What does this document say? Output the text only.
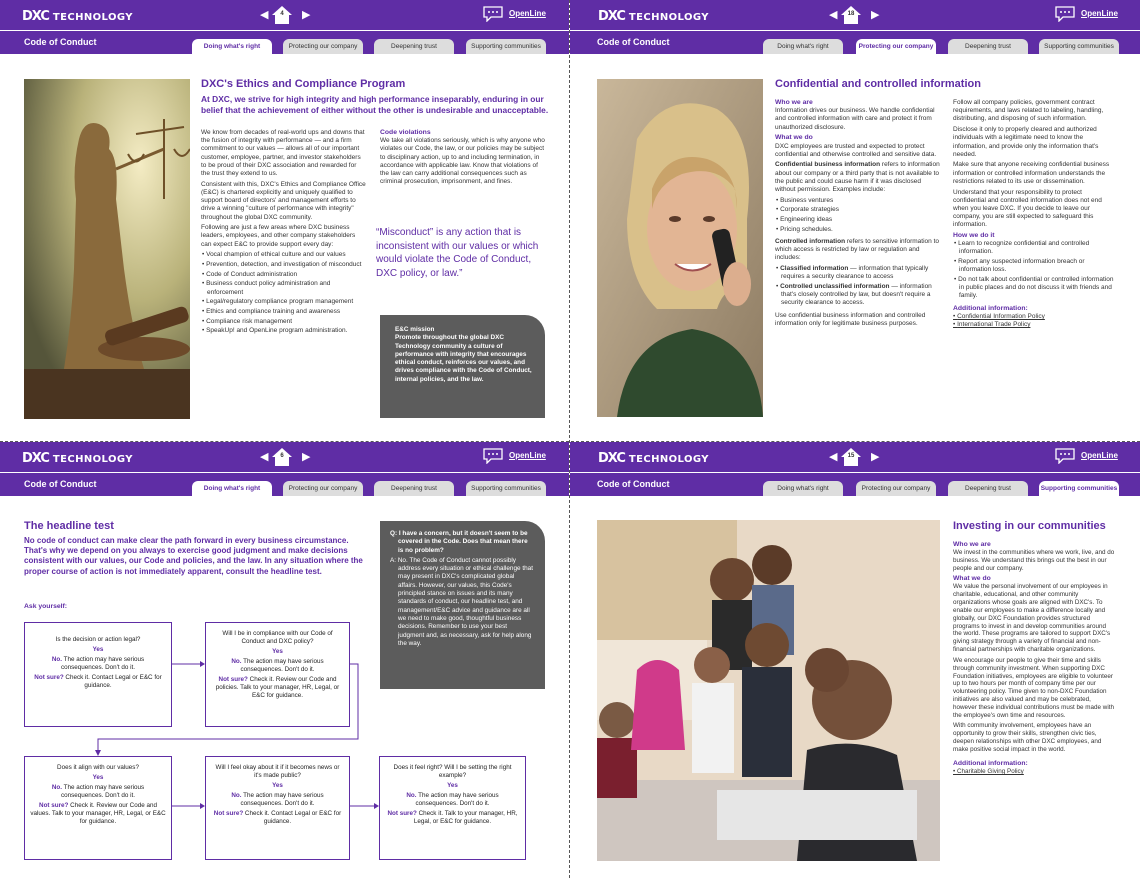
DXC TECHNOLOGY	◀	4	▶	OpenLine
Code of Conduct	Doing what's right	Protecting our company	Deepening trust	Supporting communities
DXC's Ethics and Compliance Program
At DXC, we strive for high integrity and high performance inseparably, enduring in our belief that the achievement of either without the other is undesirable and unacceptable.

We know from decades of real-world ups and downs that the fusion of integrity with performance — and a firm commitment to our values — allows all of our important customer, employee, partner, and investor stakeholders to be proud of their DXC association and rewarded for the trust they extend to us.

Consistent with this, DXC's Ethics and Compliance Office (E&C) is chartered explicitly and uniquely qualified to support board of directors' and management efforts to drive a winning "culture of performance with integrity" throughout the global DXC community.

Following are just a few areas where DXC business leaders, employees, and other company stakeholders can expect E&C to provide support every day:

• Vocal champion of ethical culture and our values
• Prevention, detection, and investigation of misconduct
• Code of Conduct administration
• Business conduct policy administration and enforcement
• Legal/regulatory compliance program management
• Ethics and compliance training and awareness
• Compliance risk management
• SpeakUp! and OpenLine program administration.
Code violations

We take all violations seriously, which is why anyone who violates our Code, the law, or our policies may be subject to disciplinary action, up to and including termination, in accordance with applicable law. Know that violations of the law can carry additional consequences such as criminal prosecution, imprisonment, and fines.

“Misconduct” is any action that is inconsistent with our values or which would violate the Code of Conduct, DXC policy, or law.”
E&C mission
Promote throughout the global DXC Technology community a culture of performance with integrity that encourages ethical conduct, reinforces our values, and drives compliance with the Code of Conduct, internal policies, and the law.
DXC TECHNOLOGY	◀	18	▶	OpenLine
Code of Conduct	Doing what's right	Protecting our company	Deepening trust	Supporting communities
Confidential and controlled information
Who we are

Information drives our business. We handle confidential and controlled information with care and protect it from unauthorized disclosure.

What we do

DXC employees are trusted and expected to protect confidential and otherwise controlled and sensitive data.

Confidential business information refers to information about our company or a third party that is not available to the public and could cause harm if it was disclosed without permission. Examples include:

• Business ventures
• Corporate strategies
• Engineering ideas
• Pricing schedules.

Controlled information refers to sensitive information to which access is restricted by law or regulation and includes:

• Classified information — information that typically requires a security clearance to access
• Controlled unclassified information — information that's closely controlled by law, but doesn't require a security clearance to access.

Use confidential business information and controlled information only for legitimate business purposes.

Follow all company policies, government contract requirements, and laws related to labeling, handling, distributing, and disposing of such information.

Disclose it only to properly cleared and authorized individuals with a legitimate need to know the information, and provide only the information that's needed.

Make sure that anyone receiving confidential business information or controlled information understands the restrictions related to its use or dissemination.

Understand that your responsibility to protect confidential and controlled information does not end when you leave DXC. If you decide to leave our company, you are still expected to safeguard this information.

How we do it
• Learn to recognize confidential and controlled information.
• Report any suspected information breach or information loss.
• Do not talk about confidential or controlled information in public places and do not discuss it with friends and family.
Additional information:
• Confidential Information Policy
• International Trade Policy
DXC TECHNOLOGY	◀	6	▶	OpenLine
Code of Conduct	Doing what's right	Protecting our company	Deepening trust	Supporting communities
The headline test
No code of conduct can make clear the path forward in every business circumstance. That's why we depend on you always to exercise good judgment and make decisions consistent with our values, our Code and policies, and the law. In any situation where the proper course of action is not immediately apparent, consult the headline test.
Ask yourself:
Q: I have a concern, but it doesn't seem to be covered in the Code. Does that mean there is no problem?
A: No. The Code of Conduct cannot possibly address every situation or ethical challenge that may present in DXC's complicated global affairs. However, our values, this Code's principled stance on issues and its many standards of conduct, our headline test, and management/E&C advice and guidance are all we need to make good, thoughtful business decisions. Remember to use your best judgment and, as necessary, ask for help along the way.
Is the decision or action legal?
Yes
No. The action may have serious consequences. Don't do it.
Not sure? Check it. Contact Legal or E&C for guidance.
Will I be in compliance with our Code of Conduct and DXC policy?
Yes
No. The action may have serious consequences. Don't do it.
Not sure? Check it. Review our Code and policies. Talk to your manager, HR, Legal, or E&C for guidance.
Does it align with our values?
Yes
No. The action may have serious consequences. Don't do it.
Not sure? Check it. Review our Code and values. Talk to your manager, HR, Legal, or E&C for guidance.
Will I feel okay about it if it becomes news or it's made public?
Yes
No. The action may have serious consequences. Don't do it.
Not sure? Check it. Contact Legal or E&C for guidance.
Does it feel right? Will I be setting the right example?
Yes
No. The action may have serious consequences. Don't do it.
Not sure? Check it. Talk to your manager, HR, Legal, or E&C for guidance.
DXC TECHNOLOGY	◀	15	▶	OpenLine
Code of Conduct	Doing what's right	Protecting our company	Deepening trust	Supporting communities
Investing in our communities
Who we are

We invest in the communities where we work, live, and do business. We understand this brings out the best in our people and our company.

What we do

We value the personal involvement of our employees in charitable, educational, and other community organizations whose goals are aligned with DXC's. To enable our employees to make a difference locally and globally, our DXC Foundation provides structured programs to invest in and develop communities around the world. These programs are tailored to support DXC's giving strategy through a variety of financial and non-financial partnerships with charitable organizations.

We encourage our people to give their time and skills through community investment. When supporting DXC Foundation initiatives, employees are eligible to volunteer up to two hours per month of company time per our volunteering policy. Time given to non-DXC Foundation initiatives are also valued and may be celebrated, however these individual contributions must be made with the employee's own time and resources.

With community involvement, employees have an opportunity to grow their skills, strengthen civic ties, deepen relationships with other DXC employees, and make positive social impact in the world.

Additional information:
• Charitable Giving Policy
